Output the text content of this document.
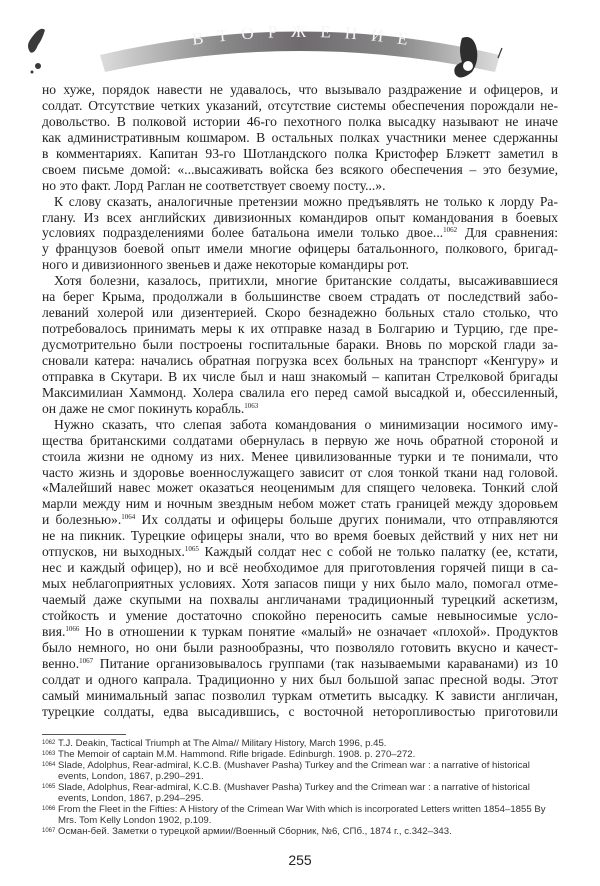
ВТОРЖЕНИЕ
но хуже, порядок навести не удавалось, что вызывало раздражение и офицеров, и
солдат. Отсутствие четких указаний, отсутствие системы обеспечения порождали не-
довольство. В полковой истории 46-го пехотного полка высадку называют не иначе
как административным кошмаром. В остальных полках участники менее сдержанны
в комментариях. Капитан 93-го Шотландского полка Кристофер Блэкетт заметил в
своем письме домой: «...высаживать войска без всякого обеспечения – это безумие,
но это факт. Лорд Раглан не соответствует своему посту...».
К слову сказать, аналогичные претензии можно предъявлять не только к лорду Ра-
глану. Из всех английских дивизионных командиров опыт командования в боевых
условиях подразделениями более батальона имели только двое...$^{1062}$ Для сравнения:
у французов боевой опыт имели многие офицеры батальонного, полкового, бригад-
ного и дивизионного звеньев и даже некоторые командиры рот.
Хотя болезни, казалось, притихли, многие британские солдаты, высаживавшиеся
на берег Крыма, продолжали в большинстве своем страдать от последствий забо-
леваний холерой или дизентерией. Скоро безнадежно больных стало столько, что
потребовалось принимать меры к их отправке назад в Болгарию и Турцию, где пре-
дусмотрительно были построены госпитальные бараки. Вновь по морской глади за-
сновали катера: начались обратная погрузка всех больных на транспорт «Кенгуру» и
отправка в Скутари. В их числе был и наш знакомый – капитан Стрелковой бригады
Максимилиан Хаммонд. Холера свалила его перед самой высадкой и, обессиленный,
он даже не смог покинуть корабль.$^{1063}$
Нужно сказать, что слепая забота командования о минимизации носимого иму-
щества британскими солдатами обернулась в первую же ночь обратной стороной и
стоила жизни не одному из них. Менее цивилизованные турки и те понимали, что
часто жизнь и здоровье военнослужащего зависит от слоя тонкой ткани над головой.
«Малейший навес может оказаться неоценимым для спящего человека. Тонкий слой
марли между ним и ночным звездным небом может стать границей между здоровьем
и болезнью».$^{1064}$ Их солдаты и офицеры больше других понимали, что отправляются
не на пикник. Турецкие офицеры знали, что во время боевых действий у них нет ни
отпусков, ни выходных.$^{1065}$ Каждый солдат нес с собой не только палатку (ее, кстати,
нес и каждый офицер), но и всё необходимое для приготовления горячей пищи в са-
мых неблагоприятных условиях. Хотя запасов пищи у них было мало, помогал отме-
чаемый даже скупыми на похвалы англичанами традиционный турецкий аскетизм,
стойкость и умение достаточно спокойно переносить самые невыносимые усло-
вия.$^{1066}$ Но в отношении к туркам понятие «малый» не означает «плохой». Продуктов
было немного, но они были разнообразны, что позволяло готовить вкусно и качест-
венно.$^{1067}$ Питание организовывалось группами (так называемыми караванами) из 10
солдат и одного капрала. Традиционно у них был большой запас пресной воды. Этот
самый минимальный запас позволил туркам отметить высадку. К зависти англичан,
турецкие солдаты, едва высадившись, с восточной неторопливостью приготовили
1062 T.J. Deakin, Tactical Triumph at The Alma// Military History, March 1996, p.45.
1063 The Memoir of captain M.M. Hammond. Rifle brigade. Edinburgh. 1908. p. 270–272.
1064 Slade, Adolphus, Rear-admiral, K.C.B. (Mushaver Pasha) Turkey and the Crimean war : a narrative of historical events, London, 1867, p.290–291.
1065 Slade, Adolphus, Rear-admiral, K.C.B. (Mushaver Pasha) Turkey and the Crimean war : a narrative of historical events, London, 1867, p.294–295.
1066 From the Fleet in the Fifties: A History of the Crimean War With which is incorporated Letters written 1854–1855 By Mrs. Tom Kelly London 1902, p.109.
1067 Осман-бей. Заметки о турецкой армии//Военный Сборник, №6, СПб., 1874 г., с.342–343.
255
